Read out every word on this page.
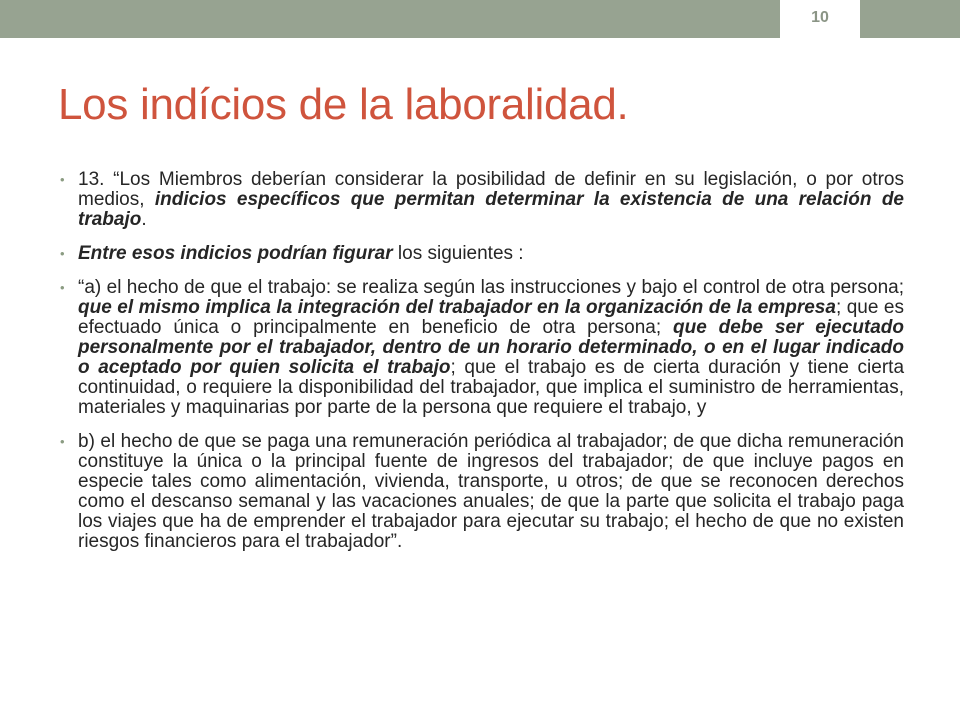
10
Los indícios de la laboralidad.
• 13. “Los Miembros deberían considerar la posibilidad de definir en su legislación, o por otros medios, indicios específicos que permitan determinar la existencia de una relación de trabajo.
• Entre esos indicios podrían figurar los siguientes :
• “a) el hecho de que el trabajo: se realiza según las instrucciones y bajo el control de otra persona; que el mismo implica la integración del trabajador en la organización de la empresa; que es efectuado única o principalmente en beneficio de otra persona; que debe ser ejecutado personalmente por el trabajador, dentro de un horario determinado, o en el lugar indicado o aceptado por quien solicita el trabajo; que el trabajo es de cierta duración y tiene cierta continuidad, o requiere la disponibilidad del trabajador, que implica el suministro de herramientas, materiales y maquinarias por parte de la persona que requiere el trabajo, y
• b) el hecho de que se paga una remuneración periódica al trabajador; de que dicha remuneración constituye la única o la principal fuente de ingresos del trabajador; de que incluye pagos en especie tales como alimentación, vivienda, transporte, u otros; de que se reconocen derechos como el descanso semanal y las vacaciones anuales; de que la parte que solicita el trabajo paga los viajes que ha de emprender el trabajador para ejecutar su trabajo; el hecho de que no existen riesgos financieros para el trabajador”.
